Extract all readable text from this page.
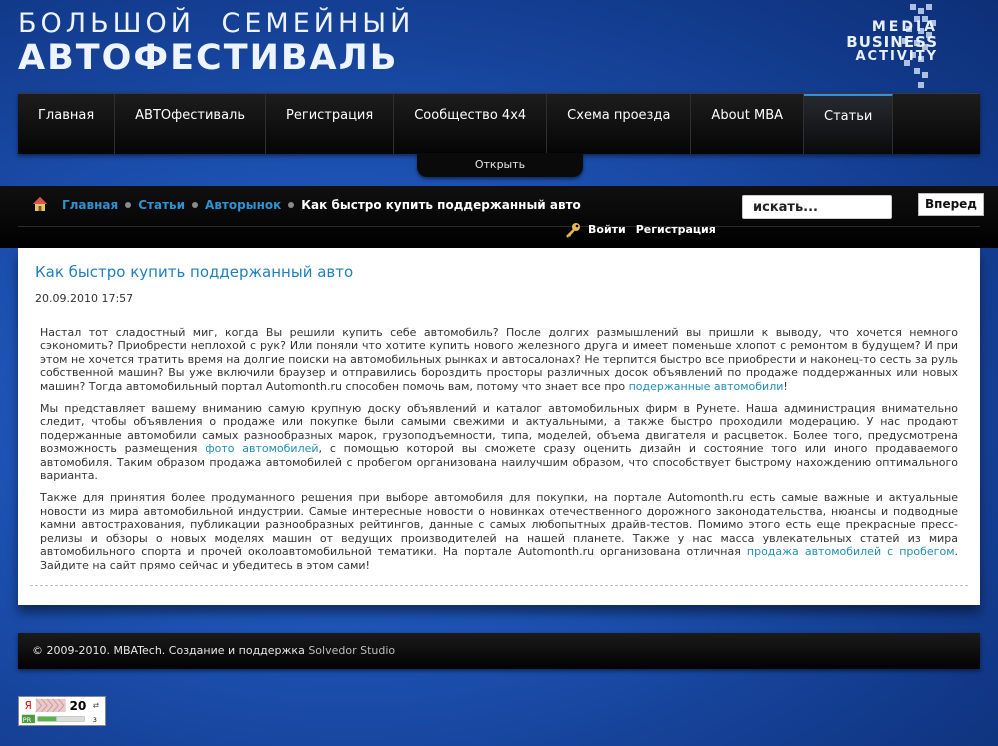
БОЛЬШОЙ СЕМЕЙНЫЙ
АВТОФЕСТИВАЛЬ
MEDIA
BUSINESS
ACTIVITY
Главная	АВТОфестиваль	Регистрация	Сообщество 4x4	Схема проезда	About MBA	Статьи
Открыть
Главная Статьи Авторынок Как быстро купить поддержанный авто	искать...	Вперед
Войти Регистрация
Как быстро купить поддержанный авто
20.09.2010 17:57

Настал тот сладостный миг, когда Вы решили купить себе автомобиль? После долгих размышлений вы пришли к выводу, что хочется немного сэкономить? Приобрести неплохой с рук? Или поняли что хотите купить нового железного друга и имеет поменьше хлопот с ремонтом в будущем? И при этом не хочется тратить время на долгие поиски на автомобильных рынках и автосалонах? Не терпится быстро все приобрести и наконец-то сесть за руль собственной машин? Вы уже включили браузер и отправились бороздить просторы различных досок объявлений по продаже поддержанных или новых машин? Тогда автомобильный портал Automonth.ru способен помочь вам, потому что знает все про подержанные автомобили!

Мы представляет вашему вниманию самую крупную доску объявлений и каталог автомобильных фирм в Рунете. Наша администрация внимательно следит, чтобы объявления о продаже или покупке были самыми свежими и актуальными, а также быстро проходили модерацию. У нас продают подержанные автомобили самых разнообразных марок, грузоподъемности, типа, моделей, объема двигателя и расцветок. Более того, предусмотрена возможность размещения фото автомобилей, с помощью которой вы сможете сразу оценить дизайн и состояние того или иного продаваемого автомобиля. Таким образом продажа автомобилей с пробегом организована наилучшим образом, что способствует быстрому нахождению оптимального варианта.

Также для принятия более продуманного решения при выборе автомобиля для покупки, на портале Automonth.ru есть самые важные и актуальные новости из мира автомобильной индустрии. Самые интересные новости о новинках отечественного дорожного законодательства, нюансы и подводные камни автострахования, публикации разнообразных рейтингов, данные с самых любопытных драйв-тестов. Помимо этого есть еще прекрасные пресс-релизы и обзоры о новых моделях машин от ведущих производителей на нашей планете. Также у нас масса увлекательных статей из мира автомобильного спорта и прочей околоавтомобильной тематики. На портале Automonth.ru организована отличная продажа автомобилей с пробегом. Зайдите на сайт прямо сейчас и убедитесь в этом сами!

© 2009-2010. MBATech. Создание и поддержка Solvedor Studio
Я	20 ⇄
PR	3
